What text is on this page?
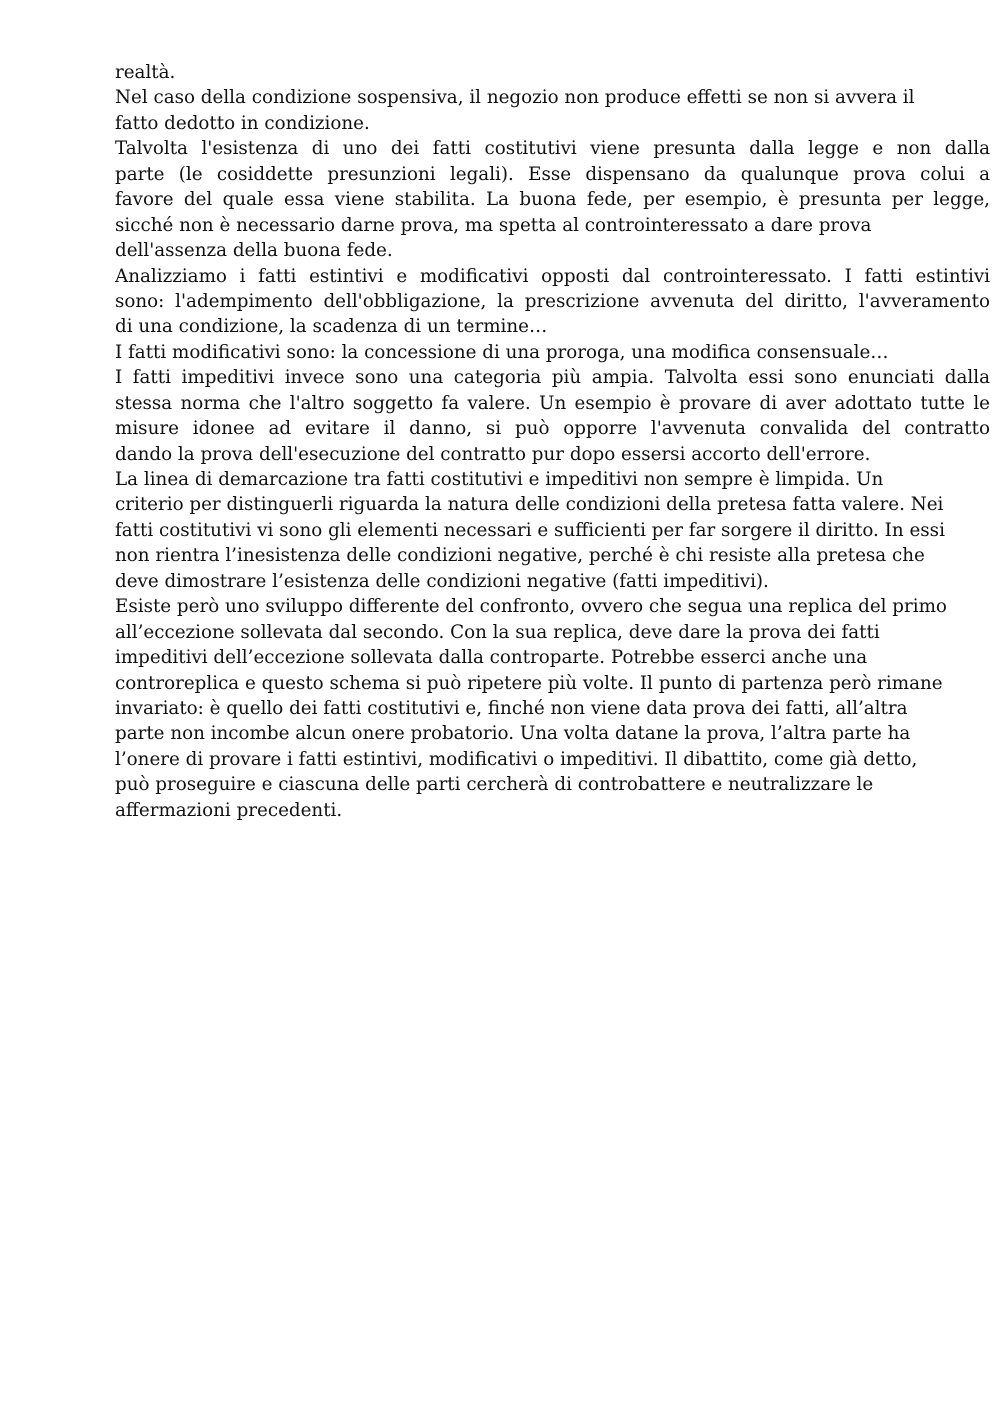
realtà.
Nel caso della condizione sospensiva, il negozio non produce effetti se non si avvera il
fatto dedotto in condizione.
Talvolta l'esistenza di uno dei fatti costitutivi viene presunta dalla legge e non dalla
parte (le cosiddette presunzioni legali). Esse dispensano da qualunque prova colui a
favore del quale essa viene stabilita. La buona fede, per esempio, è presunta per legge,
sicché non è necessario darne prova, ma spetta al controinteressato a dare prova
dell'assenza della buona fede.
Analizziamo i fatti estintivi e modificativi opposti dal controinteressato. I fatti estintivi
sono: l'adempimento dell'obbligazione, la prescrizione avvenuta del diritto, l'avveramento
di una condizione, la scadenza di un termine…
I fatti modificativi sono: la concessione di una proroga, una modifica consensuale…
I fatti impeditivi invece sono una categoria più ampia. Talvolta essi sono enunciati dalla
stessa norma che l'altro soggetto fa valere. Un esempio è provare di aver adottato tutte le
misure idonee ad evitare il danno, si può opporre l'avvenuta convalida del contratto
dando la prova dell'esecuzione del contratto pur dopo essersi accorto dell'errore.
La linea di demarcazione tra fatti costitutivi e impeditivi non sempre è limpida. Un
criterio per distinguerli riguarda la natura delle condizioni della pretesa fatta valere. Nei
fatti costitutivi vi sono gli elementi necessari e sufficienti per far sorgere il diritto. In essi
non rientra l’inesistenza delle condizioni negative, perché è chi resiste alla pretesa che
deve dimostrare l’esistenza delle condizioni negative (fatti impeditivi).
Esiste però uno sviluppo differente del confronto, ovvero che segua una replica del primo
all’eccezione sollevata dal secondo. Con la sua replica, deve dare la prova dei fatti
impeditivi dell’eccezione sollevata dalla controparte. Potrebbe esserci anche una
controreplica e questo schema si può ripetere più volte. Il punto di partenza però rimane
invariato: è quello dei fatti costitutivi e, finché non viene data prova dei fatti, all’altra
parte non incombe alcun onere probatorio. Una volta datane la prova, l’altra parte ha
l’onere di provare i fatti estintivi, modificativi o impeditivi. Il dibattito, come già detto,
può proseguire e ciascuna delle parti cercherà di controbattere e neutralizzare le
affermazioni precedenti.
